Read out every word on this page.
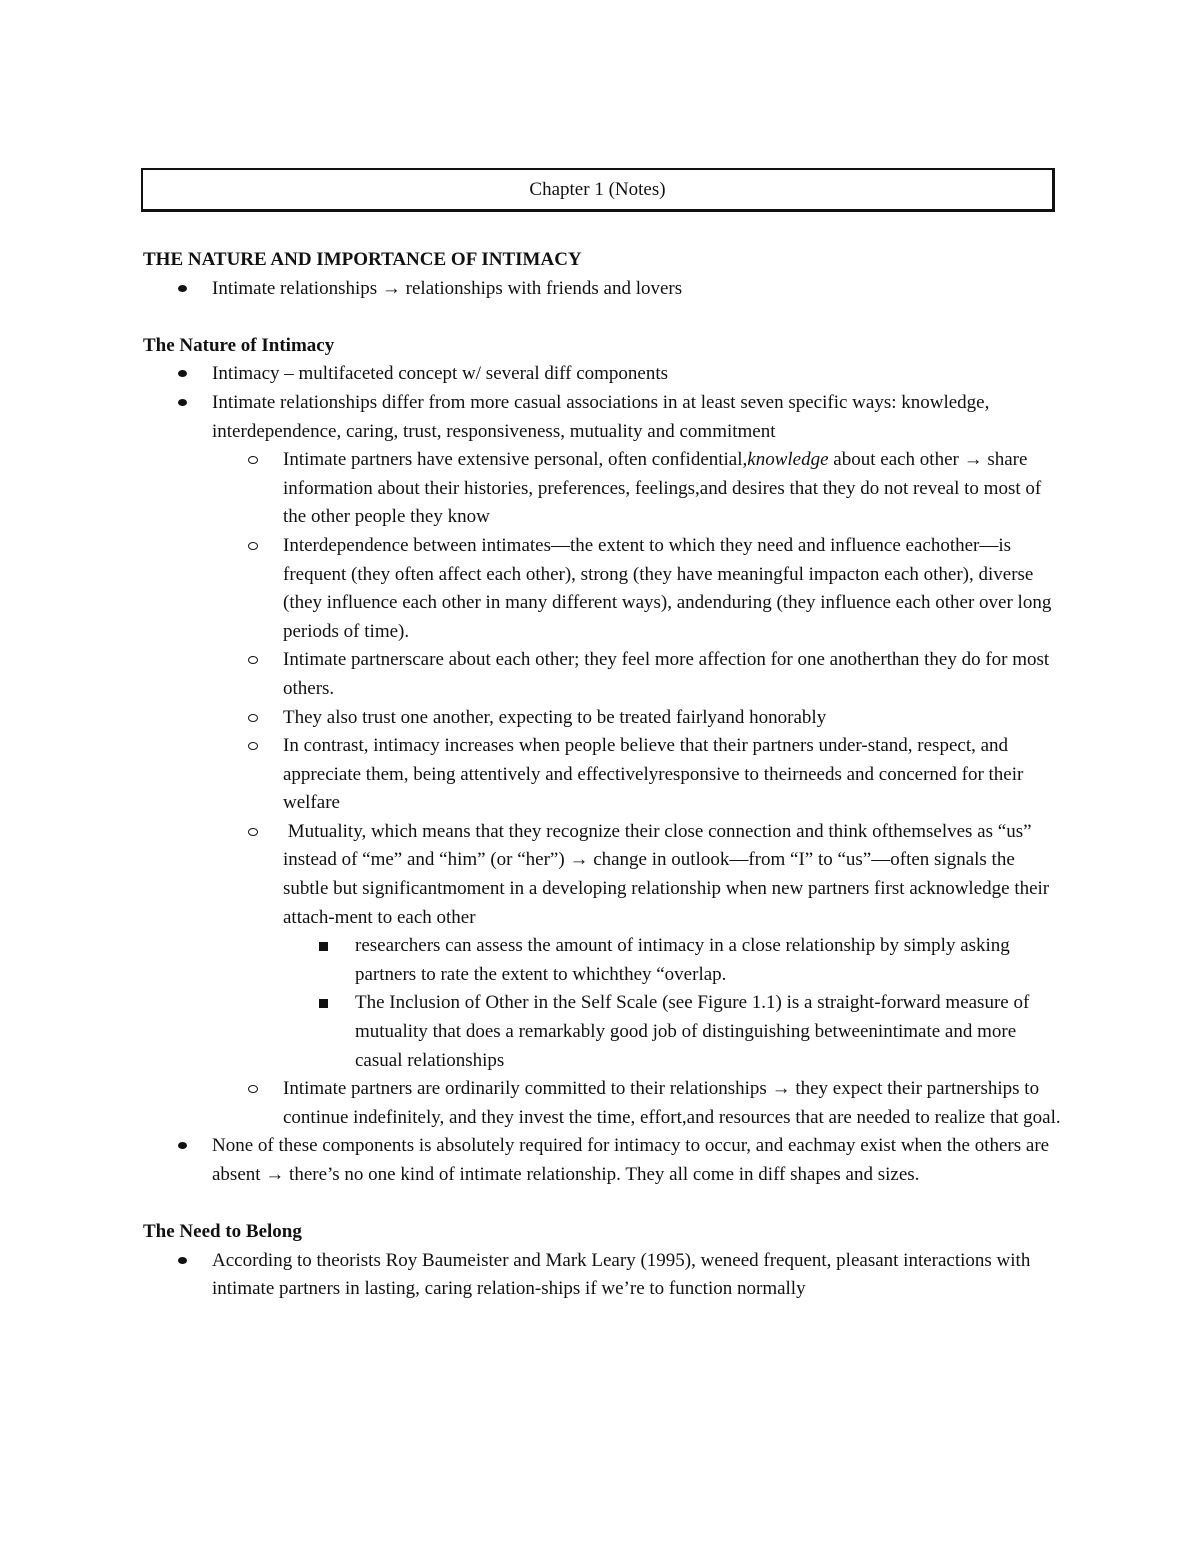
Chapter 1 (Notes)

THE NATURE AND IMPORTANCE OF INTIMACY

Intimate relationships → relationships with friends and lovers

The Nature of Intimacy

Intimacy – multifaceted concept w/ several diff components
Intimate relationships differ from more casual associations in at least seven specific ways: knowledge, interdependence, caring, trust, responsiveness, mutuality and commitment
Intimate partners have extensive personal, often confidential,knowledge about each other → share information about their histories, preferences, feelings,and desires that they do not reveal to most of the other people they know
Interdependence between intimates—the extent to which they need and influence eachother—is frequent (they often affect each other), strong (they have meaningful impacton each other), diverse (they influence each other in many different ways), andenduring (they influence each other over long periods of time).
Intimate partnerscare about each other; they feel more affection for one anotherthan they do for most others.
They also trust one another, expecting to be treated fairlyand honorably
In contrast, intimacy increases when people believe that their partners under-stand, respect, and appreciate them, being attentively and effectivelyresponsive to theirneeds and concerned for their welfare
Mutuality, which means that they recognize their close connection and think ofthemselves as “us” instead of “me” and “him” (or “her”) → change in outlook—from “I” to “us”—often signals the subtle but significantmoment in a developing relationship when new partners first acknowledge their attach-ment to each other
researchers can assess the amount of intimacy in a close relationship by simply asking partners to rate the extent to whichthey “overlap.
The Inclusion of Other in the Self Scale (see Figure 1.1) is a straight-forward measure of mutuality that does a remarkably good job of distinguishing betweenintimate and more casual relationships
Intimate partners are ordinarily committed to their relationships → they expect their partnerships to continue indefinitely, and they invest the time, effort,and resources that are needed to realize that goal.
None of these components is absolutely required for intimacy to occur, and eachmay exist when the others are absent → there’s no one kind of intimate relationship. They all come in diff shapes and sizes.

The Need to Belong

According to theorists Roy Baumeister and Mark Leary (1995), weneed frequent, pleasant interactions with intimate partners in lasting, caring relation-ships if we’re to function normally
